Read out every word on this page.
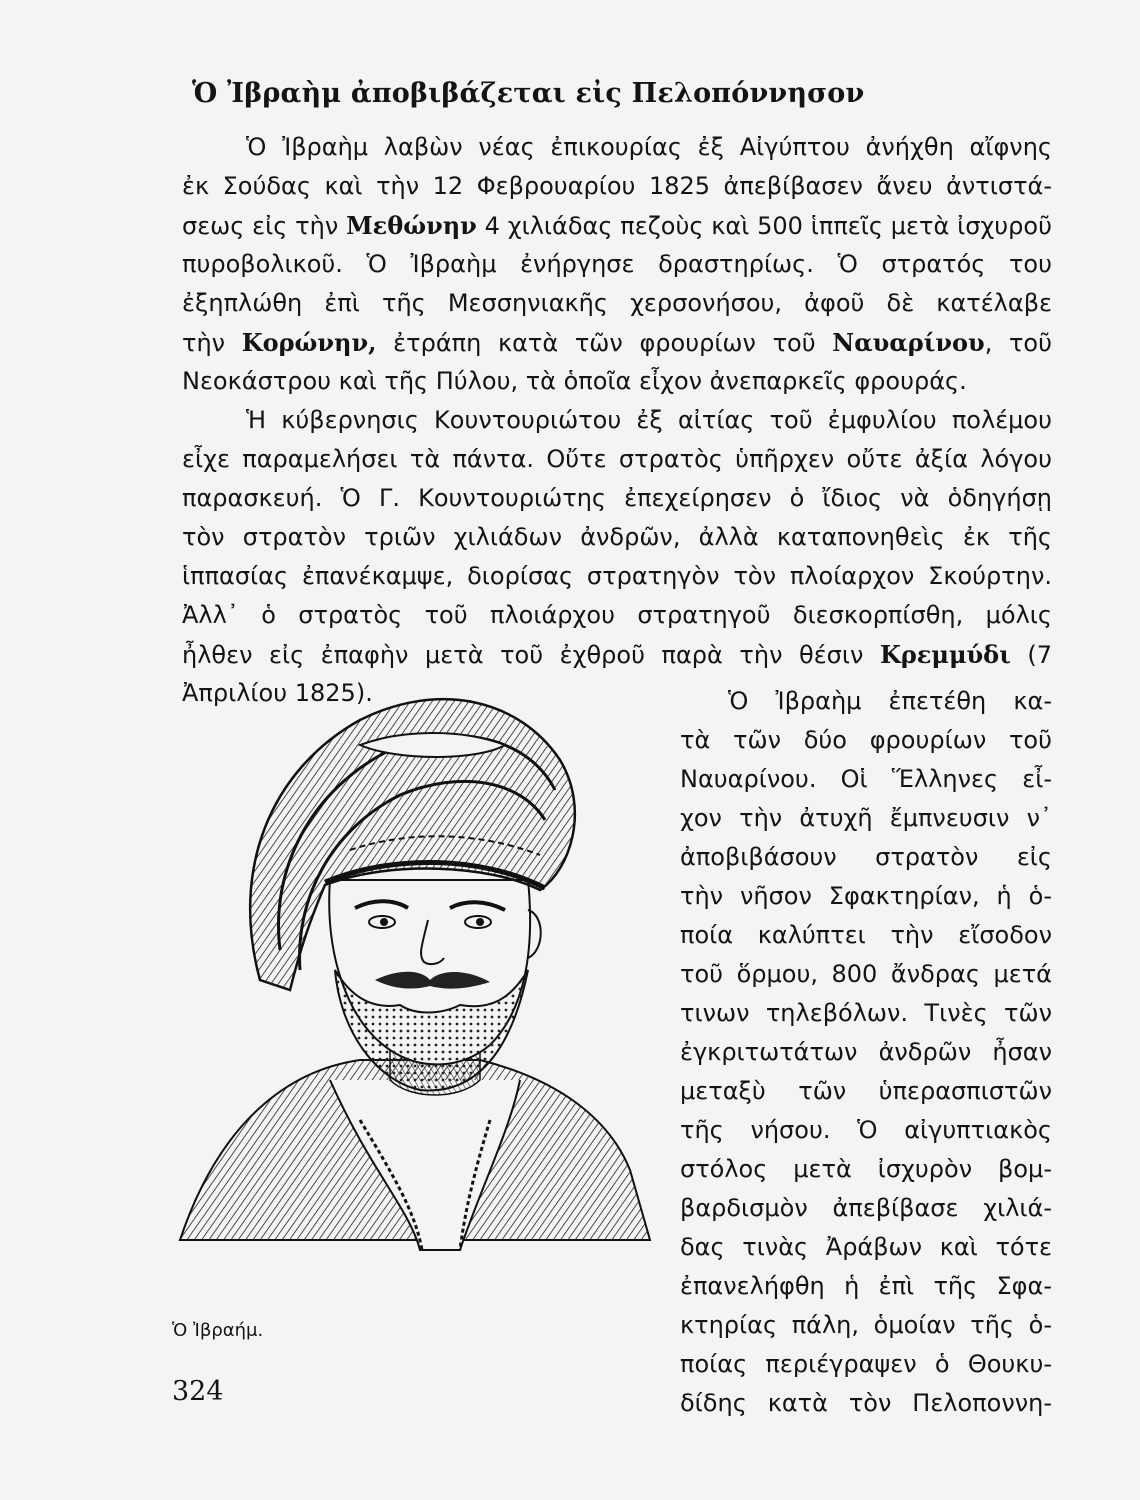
Ὁ Ἰβραὴμ ἀποβιβάζεται εἰς Πελοπόννησον
Ὁ Ἰβραὴμ λαβὼν νέας ἐπικουρίας ἐξ Αἰγύπτου ἀνήχθη αἴφνης
ἐκ Σούδας καὶ τὴν 12 Φεβρουαρίου 1825 ἀπεβίβασεν ἄνευ ἀντιστά-
σεως εἰς τὴν Μεθώνην 4 χιλιάδας πεζοὺς καὶ 500 ἱππεῖς μετὰ ἰσχυροῦ
πυροβολικοῦ. Ὁ Ἰβραὴμ ἐνήργησε δραστηρίως. Ὁ στρατός του
ἐξηπλώθη ἐπὶ τῆς Μεσσηνιακῆς χερσονήσου, ἀφοῦ δὲ κατέλαβε
τὴν Κορώνην, ἐτράπη κατὰ τῶν φρουρίων τοῦ Ναυαρίνου, τοῦ
Νεοκάστρου καὶ τῆς Πύλου, τὰ ὁποῖα εἶχον ἀνεπαρκεῖς φρουράς.
Ἡ κύβερνησις Κουντουριώτου ἐξ αἰτίας τοῦ ἐμφυλίου πολέμου
εἶχε παραμελήσει τὰ πάντα. Οὔτε στρατὸς ὑπῆρχεν οὔτε ἀξία λόγου
παρασκευή. Ὁ Γ. Κουντουριώτης ἐπεχείρησεν ὁ ἴδιος νὰ ὁδηγήσῃ
τὸν στρατὸν τριῶν χιλιάδων ἀνδρῶν, ἀλλὰ καταπονηθεὶς ἐκ τῆς
ἱππασίας ἐπανέκαμψε, διορίσας στρατηγὸν τὸν πλοίαρχον Σκούρτην.
Ἀλλ᾽ ὁ στρατὸς τοῦ πλοιάρχου στρατηγοῦ διεσκορπίσθη, μόλις
ἦλθεν εἰς ἐπαφὴν μετὰ τοῦ ἐχθροῦ παρὰ τὴν θέσιν Κρεμμύδι (7
Ἀπριλίου 1825).	Ὁ Ἰβραὴμ ἐπετέθη κα-
τὰ τῶν δύο φρουρίων τοῦ
Ναυαρίνου. Οἱ Ἕλληνες εἶ-
χον τὴν ἀτυχῆ ἔμπνευσιν ν᾽
ἀποβιβάσουν στρατὸν εἰς
τὴν νῆσον Σφακτηρίαν, ἡ ὁ-
ποία καλύπτει τὴν εἴσοδον
τοῦ ὅρμου, 800 ἄνδρας μετά
τινων τηλεβόλων. Τινὲς τῶν
ἐγκριτωτάτων ἀνδρῶν ἦσαν
μεταξὺ τῶν ὑπερασπιστῶν
τῆς νήσου. Ὁ αἰγυπτιακὸς
στόλος μετὰ ἰσχυρὸν βομ-
βαρδισμὸν ἀπεβίβασε χιλιά-
δας τινὰς Ἀράβων καὶ τότε
ἐπανελήφθη ἡ ἐπὶ τῆς Σφα-
κτηρίας πάλη, ὁμοίαν τῆς ὁ-
ποίας περιέγραψεν ὁ Θουκυ-
δίδης κατὰ τὸν Πελοποννη-
Ὁ Ἰβραήμ.
324
